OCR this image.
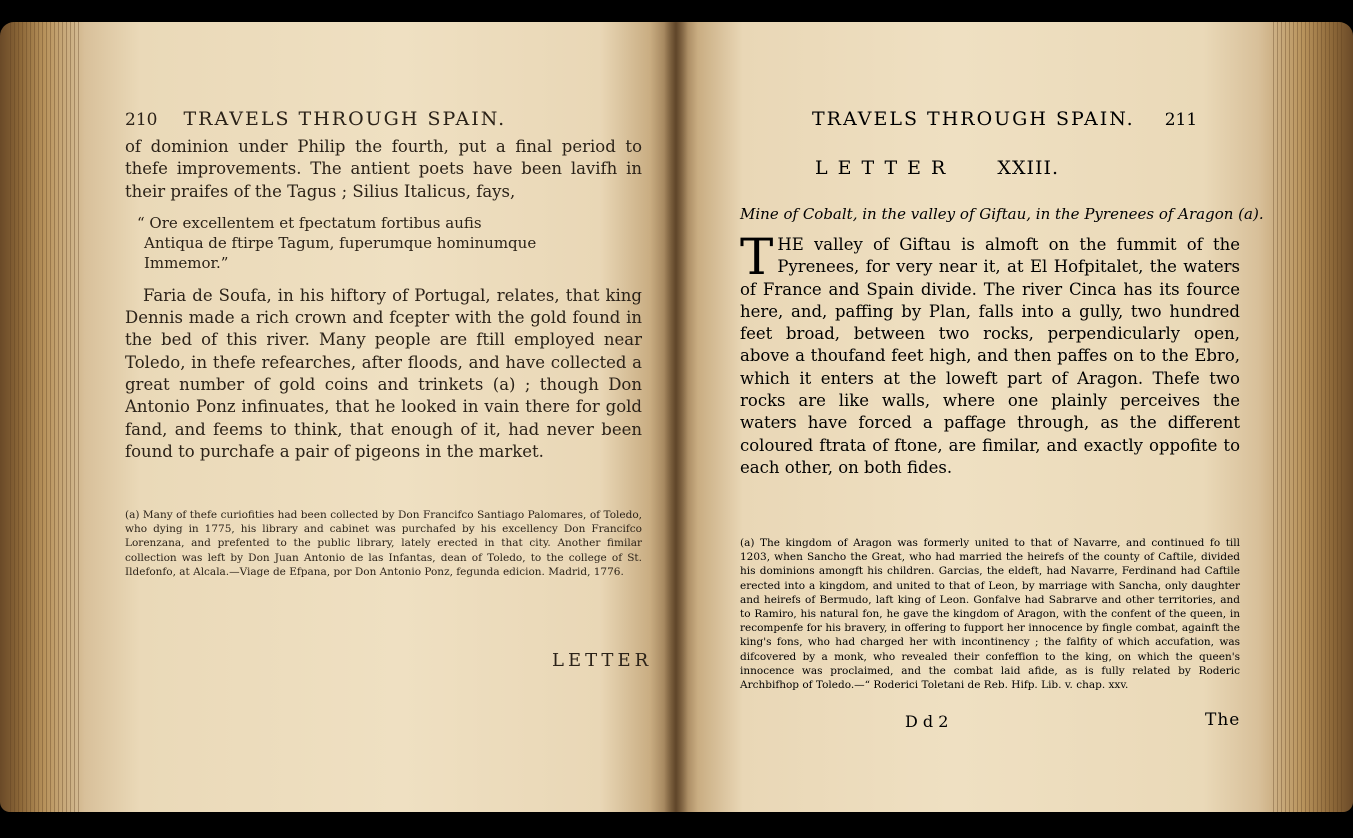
210 TRAVELS THROUGH SPAIN.

of dominion under Philip the fourth, put a final period to thefe improvements. The antient poets have been lavifh in their praifes of the Tagus ; Silius Italicus, fays,

“ Ore excellentem et fpectatum fortibus aufis
Antiqua de ftirpe Tagum, fuperumque hominumque
Immemor.”

Faria de Soufa, in his hiftory of Portugal, relates, that king Dennis made a rich crown and fcepter with the gold found in the bed of this river. Many people are ftill employed near Toledo, in thefe refearches, after floods, and have collected a great number of gold coins and trinkets (a) ; though Don Antonio Ponz infinuates, that he looked in vain there for gold fand, and feems to think, that enough of it, had never been found to purchafe a pair of pigeons in the market.

(a) Many of thefe curiofities had been collected by Don Francifco Santiago Palomares, of Toledo, who dying in 1775, his library and cabinet was purchafed by his excellency Don Francifco Lorenzana, and prefented to the public library, lately erected in that city. Another fimilar collection was left by Don Juan Antonio de las Infantas, dean of Toledo, to the college of St. Ildefonfo, at Alcala.—Viage de Efpana, por Don Antonio Ponz, fegunda edicion. Madrid, 1776.
LETTER
TRAVELS THROUGH SPAIN. 211
LETTER XXIII.
Mine of Cobalt, in the valley of Giftau, in the Pyrenees of Aragon (a).
T HE valley of Giftau is almoft on the fummit of the Pyrenees, for very near it, at El Hofpitalet, the waters of France and Spain divide. The river Cinca has its fource here, and, paffing by Plan, falls into a gully, two hundred feet broad, between two rocks, perpendicularly open, above a thoufand feet high, and then paffes on to the Ebro, which it enters at the loweft part of Aragon. Thefe two rocks are like walls, where one plainly perceives the waters have forced a paffage through, as the different coloured ftrata of ftone, are fimilar, and exactly oppofite to each other, on both fides.
(a) The kingdom of Aragon was formerly united to that of Navarre, and continued fo till 1203, when Sancho the Great, who had married the heirefs of the county of Caftile, divided his dominions amongft his children. Garcias, the eldeft, had Navarre, Ferdinand had Caftile erected into a kingdom, and united to that of Leon, by marriage with Sancha, only daughter and heirefs of Bermudo, laft king of Leon. Gonfalve had Sabrarve and other territories, and to Ramiro, his natural fon, he gave the kingdom of Aragon, with the confent of the queen, in recompenfe for his bravery, in offering to fupport her innocence by fingle combat, againft the king's fons, who had charged her with incontinency ; the falfity of which accufation, was difcovered by a monk, who revealed their confeffion to the king, on which the queen's innocence was proclaimed, and the combat laid afide, as is fully related by Roderic Archbifhop of Toledo.—“ Roderici Toletani de Reb. Hifp. Lib. v. chap. xxv.
D d 2	The
